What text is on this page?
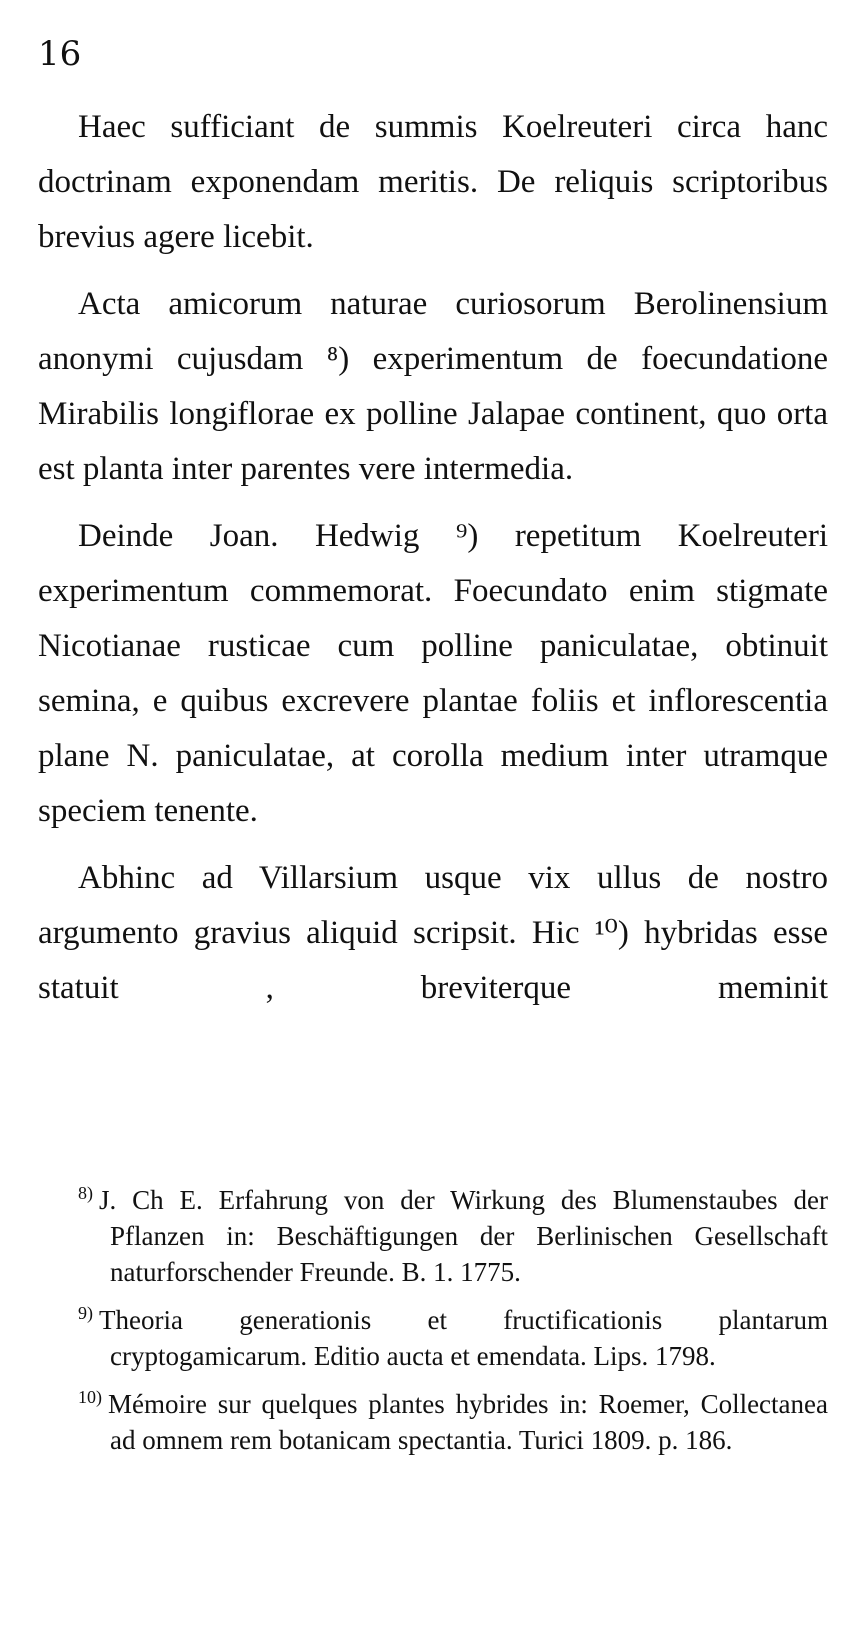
16

Haec sufficiant de summis Koelreuteri circa hanc doctrinam exponendam meritis. De reliquis scriptoribus brevius agere licebit.

Acta amicorum naturae curiosorum Berolinensium anonymi cujusdam ⁸) experimentum de foecundatione Mirabilis longiflorae ex polline Jalapae continent, quo orta est planta inter parentes vere intermedia.

Deinde Joan. Hedwig ⁹) repetitum Koelreuteri experimentum commemorat. Foecundato enim stigmate Nicotianae rusticae cum polline paniculatae, obtinuit semina, e quibus excrevere plantae foliis et inflorescentia plane N. paniculatae, at corolla medium inter utramque speciem tenente.

Abhinc ad Villarsium usque vix ullus de nostro argumento gravius aliquid scripsit. Hic ¹⁰) hybridas esse statuit , breviterque meminit

$^{8)}$ J. Ch E. Erfahrung von der Wirkung des Blumenstaubes der Pflanzen in: Beschäftigungen der Berlinischen Gesellschaft naturforschender Freunde. B. 1. 1775.
$^{9)}$ Theoria generationis et fructificationis plantarum cryptogamicarum. Editio aucta et emendata. Lips. 1798.
$^{10)}$ Mémoire sur quelques plantes hybrides in: Roemer, Collectanea ad omnem rem botanicam spectantia. Turici 1809. p. 186.
